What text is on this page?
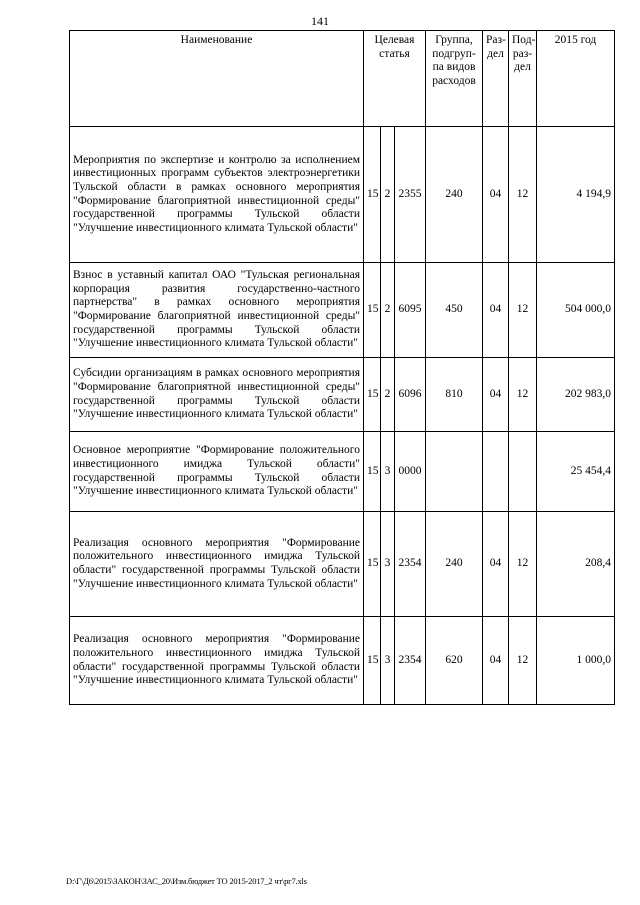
141
Наименование	Целевая статья			Группа, подгруп-па видов расходов	Раз-дел	Под-раз-дел	2015 год
Мероприятия по экспертизе и контролю за исполнением инвестиционных программ субъектов электроэнергетики Тульской области в рамках основного мероприятия "Формирование благоприятной инвестиционной среды" государственной программы Тульской области "Улучшение инвестиционного климата Тульской области"	15	2	2355	240	04	12	4 194,9
Взнос в уставный капитал ОАО "Тульская региональная корпорация развития государственно-частного партнерства" в рамках основного мероприятия "Формирование благоприятной инвестиционной среды" государственной программы Тульской области "Улучшение инвестиционного климата Тульской области"	15	2	6095	450	04	12	504 000,0
Субсидии организациям в рамках основного мероприятия "Формирование благоприятной инвестиционной среды" государственной программы Тульской области "Улучшение инвестиционного климата Тульской области"	15	2	6096	810	04	12	202 983,0
Основное мероприятие "Формирование положительного инвестиционного имиджа Тульской области" государственной программы Тульской области "Улучшение инвестиционного климата Тульской области"	15	3	0000				25 454,4
Реализация основного мероприятия "Формирование положительного инвестиционного имиджа Тульской области" государственной программы Тульской области "Улучшение инвестиционного климата Тульской области"	15	3	2354	240	04	12	208,4
Реализация основного мероприятия "Формирование положительного инвестиционного имиджа Тульской области" государственной программы Тульской области "Улучшение инвестиционного климата Тульской области"	15	3	2354	620	04	12	1 000,0
D:\Г\Д6\2015\ЗАКОН\ЗАС_20\Изм.бюджет ТО 2015-2017_2 чт\рг7.xls
